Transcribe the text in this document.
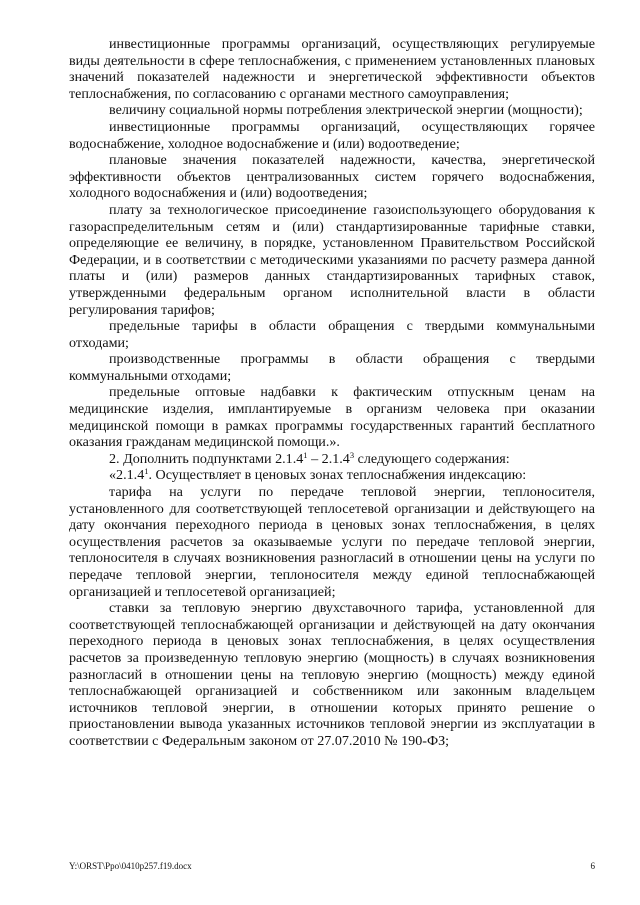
инвестиционные программы организаций, осуществляющих регулируемые виды деятельности в сфере теплоснабжения, с применением установленных плановых значений показателей надежности и энергетической эффективности объектов теплоснабжения, по согласованию с органами местного самоуправления;

величину социальной нормы потребления электрической энергии (мощности);

инвестиционные программы организаций, осуществляющих горячее водоснабжение, холодное водоснабжение и (или) водоотведение;

плановые значения показателей надежности, качества, энергетической эффективности объектов централизованных систем горячего водоснабжения, холодного водоснабжения и (или) водоотведения;

плату за технологическое присоединение газоиспользующего оборудования к газораспределительным сетям и (или) стандартизированные тарифные ставки, определяющие ее величину, в порядке, установленном Правительством Российской Федерации, и в соответствии с методическими указаниями по расчету размера данной платы и (или) размеров данных стандартизированных тарифных ставок, утвержденными федеральным органом исполнительной власти в области регулирования тарифов;

предельные тарифы в области обращения с твердыми коммунальными отходами;

производственные программы в области обращения с твердыми коммунальными отходами;

предельные оптовые надбавки к фактическим отпускным ценам на медицинские изделия, имплантируемые в организм человека при оказании медицинской помощи в рамках программы государственных гарантий бесплатного оказания гражданам медицинской помощи.».

2. Дополнить подпунктами 2.1.4$^1$ – 2.1.4$^3$ следующего содержания:

«2.1.4$^1$. Осуществляет в ценовых зонах теплоснабжения индексацию:

тарифа на услуги по передаче тепловой энергии, теплоносителя, установленного для соответствующей теплосетевой организации и действующего на дату окончания переходного периода в ценовых зонах теплоснабжения, в целях осуществления расчетов за оказываемые услуги по передаче тепловой энергии, теплоносителя в случаях возникновения разногласий в отношении цены на услуги по передаче тепловой энергии, теплоносителя между единой теплоснабжающей организацией и теплосетевой организацией;

ставки за тепловую энергию двухставочного тарифа, установленной для соответствующей теплоснабжающей организации и действующей на дату окончания переходного периода в ценовых зонах теплоснабжения, в целях осуществления расчетов за произведенную тепловую энергию (мощность) в случаях возникновения разногласий в отношении цены на тепловую энергию (мощность) между единой теплоснабжающей организацией и собственником или законным владельцем источников тепловой энергии, в отношении которых принято решение о приостановлении вывода указанных источников тепловой энергии из эксплуатации в соответствии с Федеральным законом от 27.07.2010 № 190-ФЗ;

Y:\ORST\Ppo\0410p257.f19.docx	6
